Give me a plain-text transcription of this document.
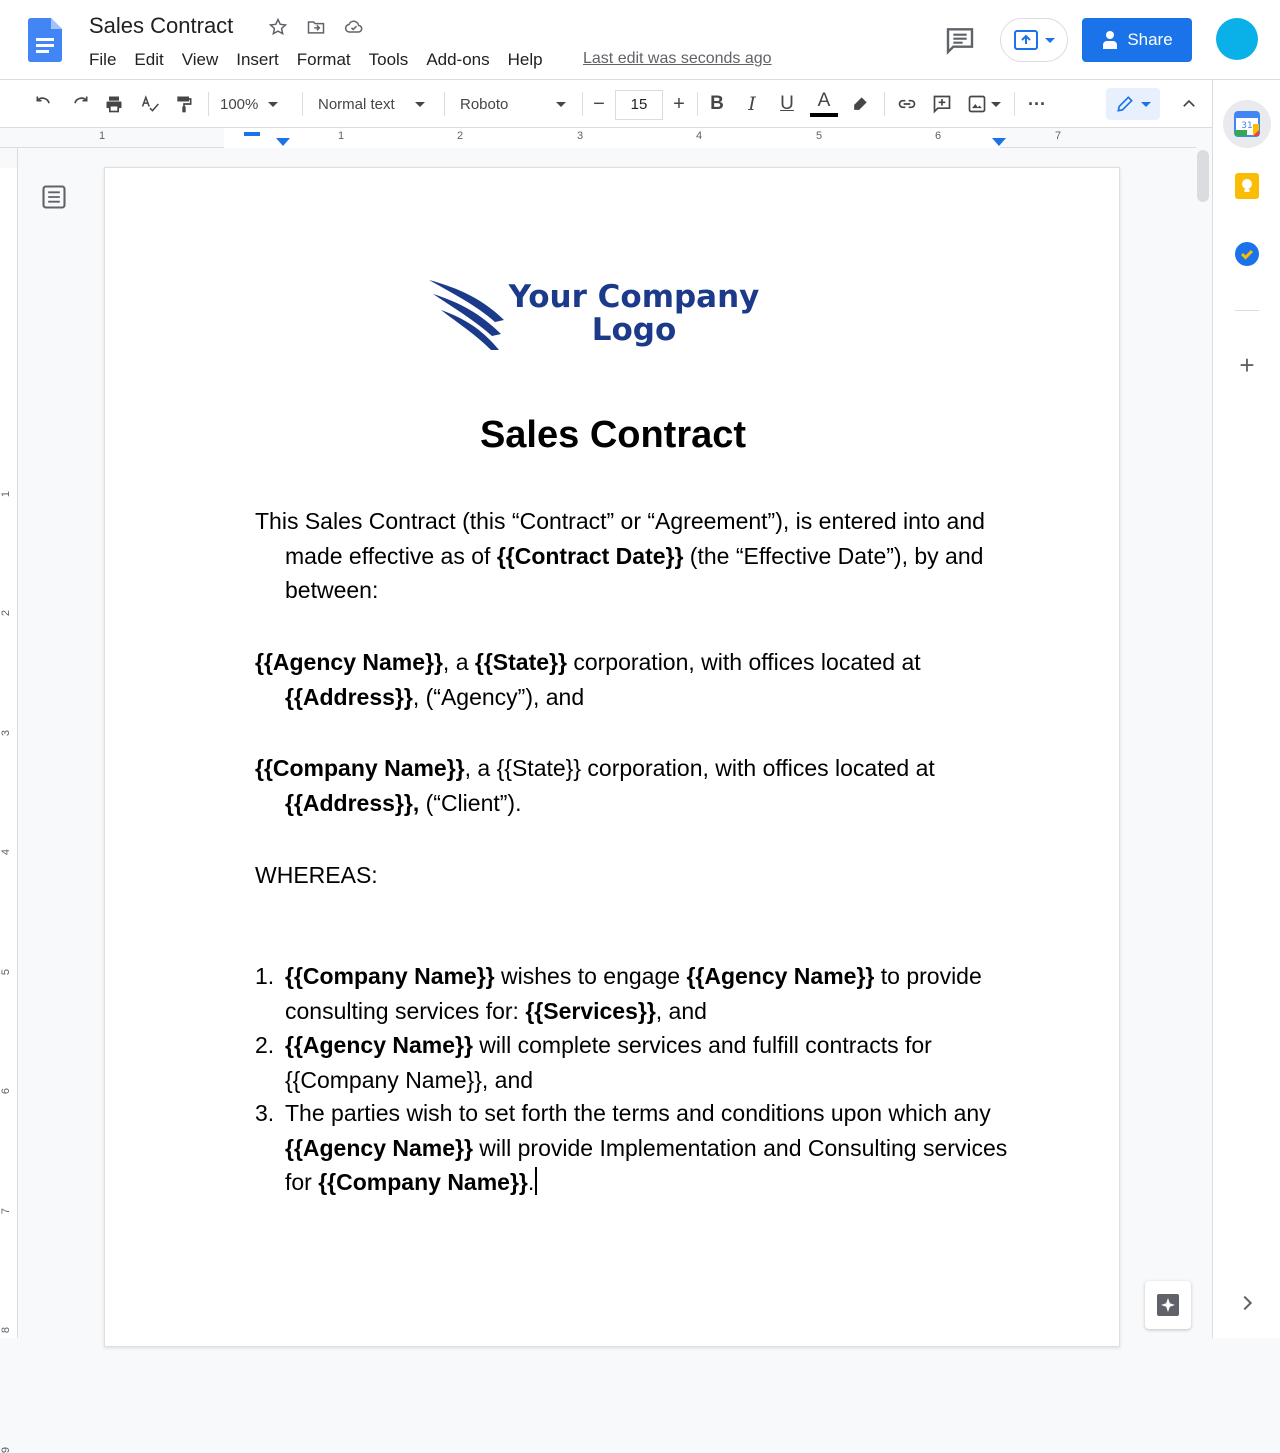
Sales Contract
File	Edit	View	Insert	Format	Tools	Add-ons	Help	Last edit was seconds ago
Share
100%	Normal text	Roboto	−	+ B	I	U A	···
15
1	1	2	3	4	5	6	7
1
2
3
4
5
6
7
8
9
31
+
Your Company
Logo
Sales Contract
This Sales Contract (this “Contract” or “Agreement”), is entered into and made effective as of {{Contract Date}} (the “Effective Date”), by and between:
{{Agency Name}}, a {{State}} corporation, with offices located at {{Address}}, (“Agency”), and
{{Company Name}}, a {{State}} corporation, with offices located at {{Address}}, (“Client”).
WHEREAS:
1. {{Company Name}} wishes to engage {{Agency Name}} to provide consulting services for: {{Services}}, and
2. {{Agency Name}} will complete services and fulfill contracts for {{Company Name}}, and
3. The parties wish to set forth the terms and conditions upon which any {{Agency Name}} will provide Implementation and Consulting services for {{Company Name}}.
